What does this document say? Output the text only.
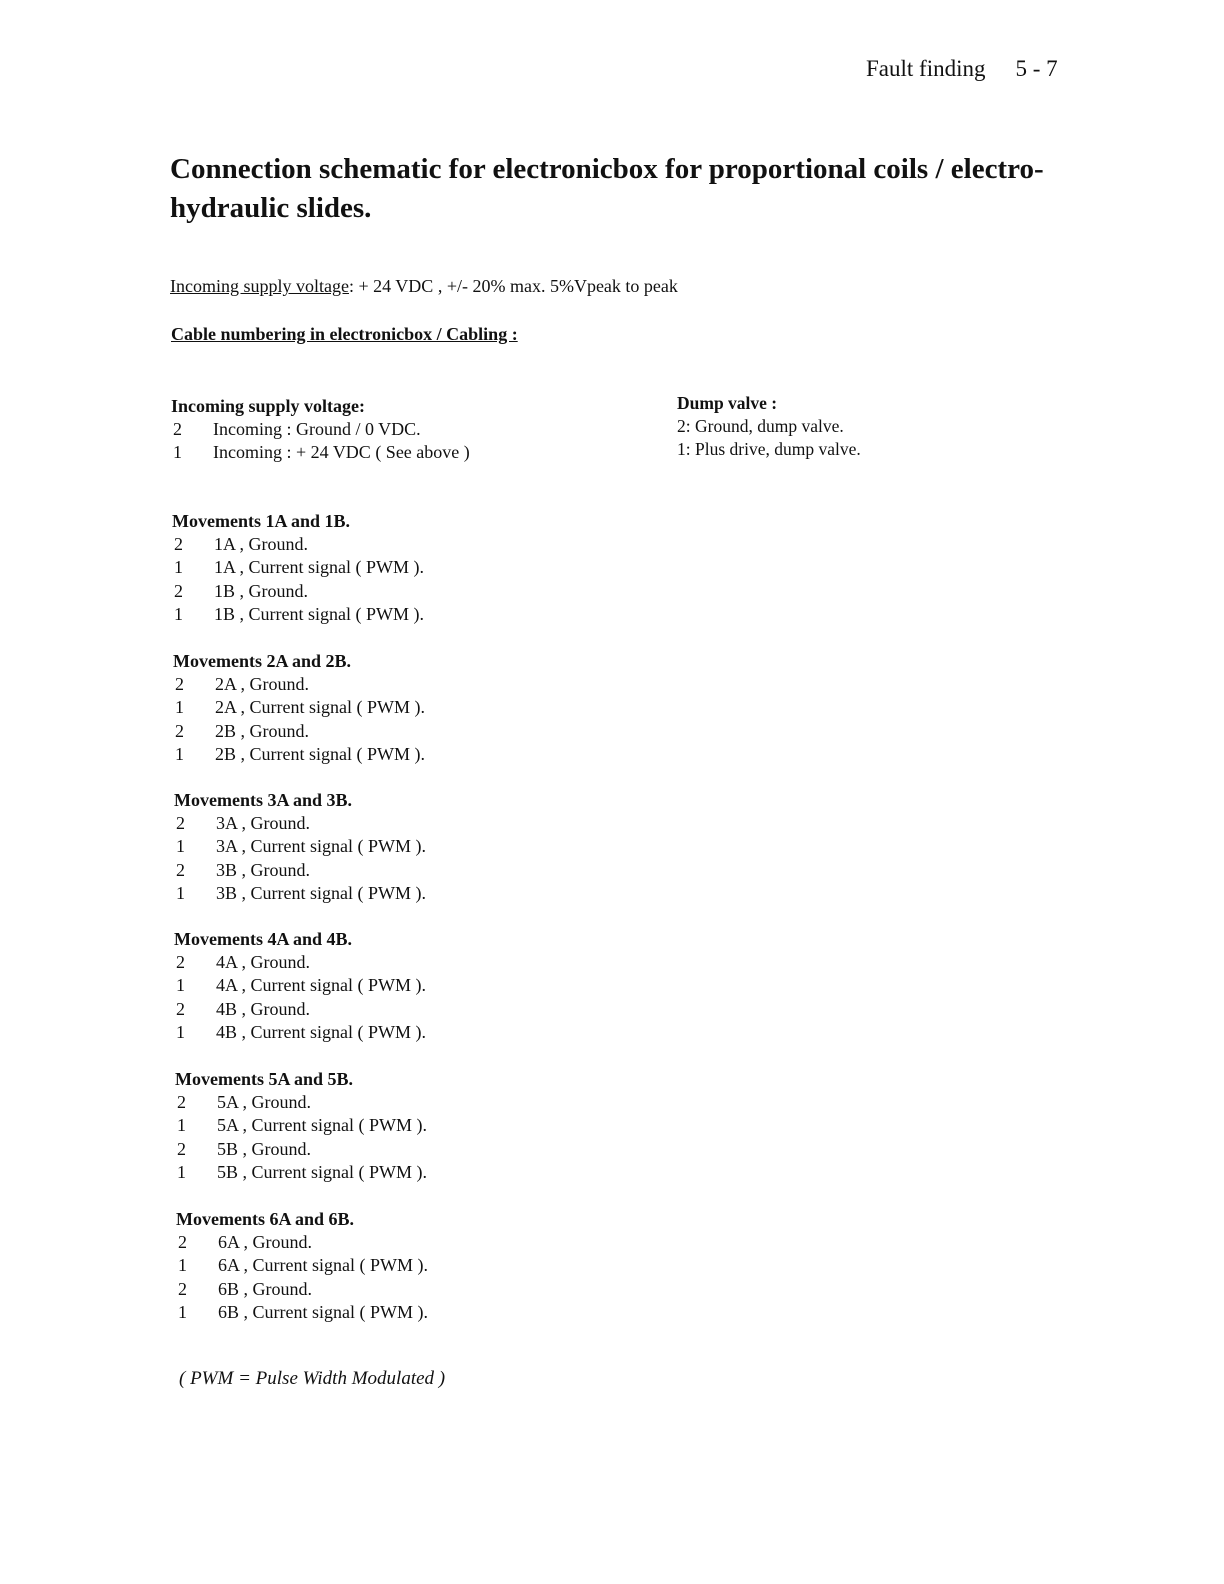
Fault finding 5 - 7
Connection schematic for electronicbox for proportional coils / electro-hydraulic slides.
Incoming supply voltage: + 24 VDC , +/- 20% max. 5%Vpeak to peak
Cable numbering in electronicbox / Cabling :
Incoming supply voltage:
2	Incoming : Ground / 0 VDC.
1	Incoming : + 24 VDC ( See above )
Dump valve :
2: Ground, dump valve.
1: Plus drive, dump valve.
Movements 1A and 1B.
2	1A , Ground.
1	1A , Current signal ( PWM ).
2	1B , Ground.
1	1B , Current signal ( PWM ).
Movements 2A and 2B.
2	2A , Ground.
1	2A , Current signal ( PWM ).
2	2B , Ground.
1	2B , Current signal ( PWM ).
Movements 3A and 3B.
2	3A , Ground.
1	3A , Current signal ( PWM ).
2	3B , Ground.
1	3B , Current signal ( PWM ).
Movements 4A and 4B.
2	4A , Ground.
1	4A , Current signal ( PWM ).
2	4B , Ground.
1	4B , Current signal ( PWM ).
Movements 5A and 5B.
2	5A , Ground.
1	5A , Current signal ( PWM ).
2	5B , Ground.
1	5B , Current signal ( PWM ).
Movements 6A and 6B.
2	6A , Ground.
1	6A , Current signal ( PWM ).
2	6B , Ground.
1	6B , Current signal ( PWM ).
( PWM = Pulse Width Modulated )
